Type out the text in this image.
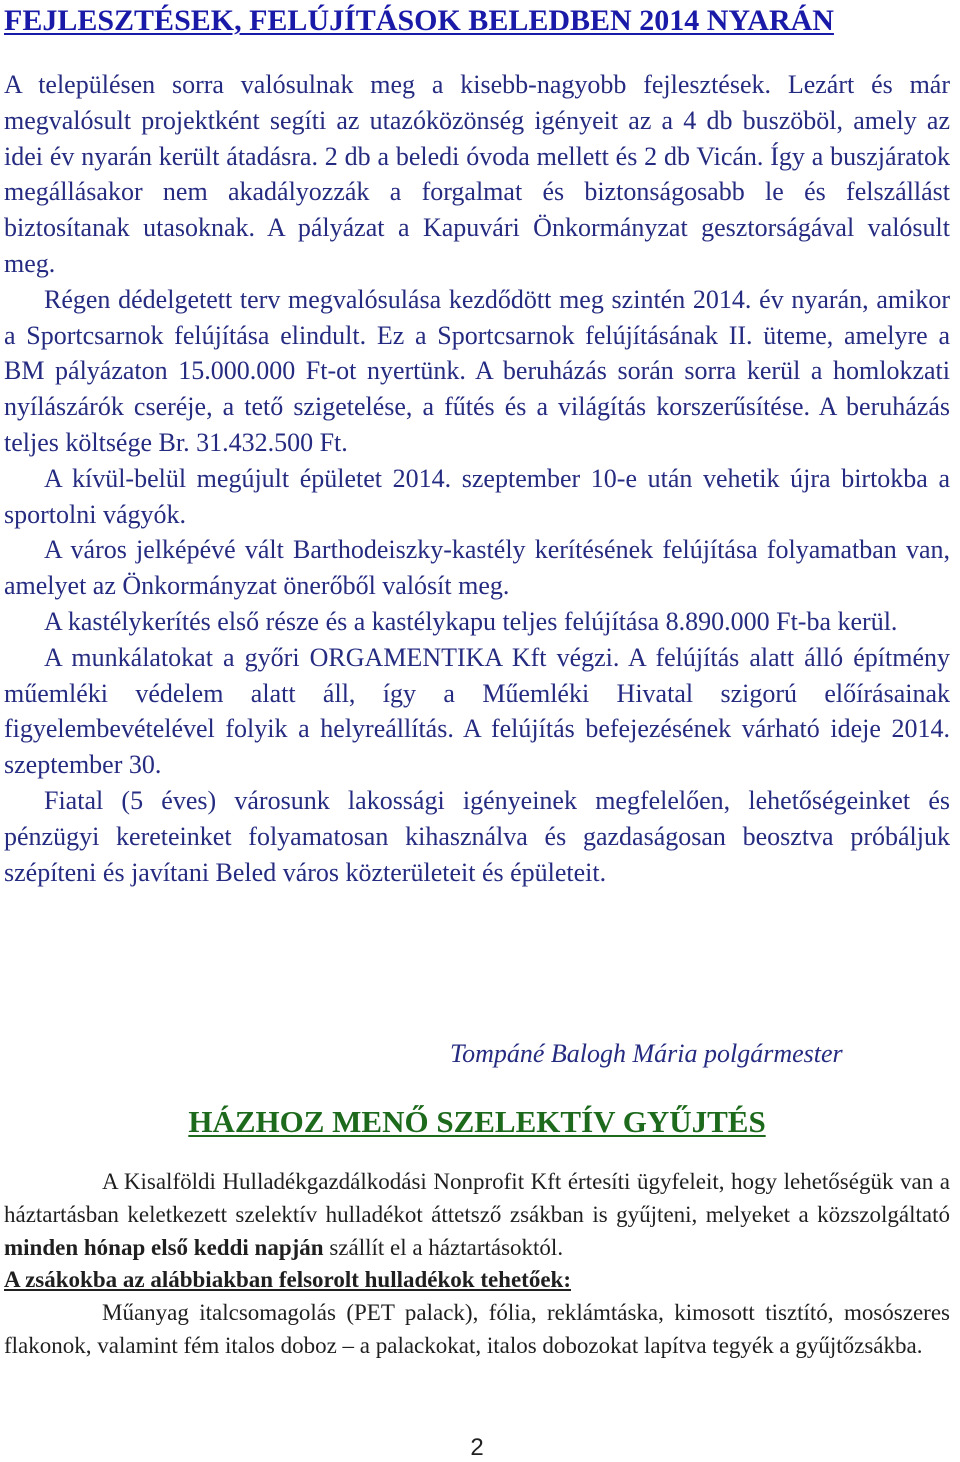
FEJLESZTÉSEK, FELÚJÍTÁSOK BELEDBEN 2014 NYARÁN

A településen sorra valósulnak meg a kisebb-nagyobb fejlesztések. Lezárt és már megvalósult projektként segíti az utazóközönség igényeit az a 4 db buszöböl, amely az idei év nyarán került átadásra. 2 db a beledi óvoda mellett és 2 db Vicán. Így a buszjáratok megállásakor nem akadályozzák a forgalmat és biztonságosabb le és felszállást biztosítanak utasoknak. A pályázat a Kapuvári Önkormányzat gesztorságával valósult meg.

Régen dédelgetett terv megvalósulása kezdődött meg szintén 2014. év nyarán, amikor a Sportcsarnok felújítása elindult. Ez a Sportcsarnok felújításának II. üteme, amelyre a BM pályázaton 15.000.000 Ft-ot nyertünk. A beruházás során sorra kerül a homlokzati nyílászárók cseréje, a tető szigetelése, a fűtés és a világítás korszerűsítése. A beruházás teljes költsége Br. 31.432.500 Ft.

A kívül-belül megújult épületet 2014. szeptember 10-e után vehetik újra birtokba a sportolni vágyók.

A város jelképévé vált Barthodeiszky-kastély kerítésének felújítása folyamatban van, amelyet az Önkormányzat önerőből valósít meg.

A kastélykerítés első része és a kastélykapu teljes felújítása 8.890.000 Ft-ba kerül.

A munkálatokat a győri ORGAMENTIKA Kft végzi. A felújítás alatt álló építmény műemléki védelem alatt áll, így a Műemléki Hivatal szigorú előírásainak figyelembevételével folyik a helyreállítás. A felújítás befejezésének várható ideje 2014. szeptember 30.

Fiatal (5 éves) városunk lakossági igényeinek megfelelően, lehetőségeinket és pénzügyi kereteinket folyamatosan kihasználva és gazdaságosan beosztva próbáljuk szépíteni és javítani Beled város közterületeit és épületeit.

Tompáné Balogh Mária polgármester
HÁZHOZ MENŐ SZELEKTÍV GYŰJTÉS

A Kisalföldi Hulladékgazdálkodási Nonprofit Kft értesíti ügyfeleit, hogy lehetőségük van a háztartásban keletkezett szelektív hulladékot áttetsző zsákban is gyűjteni, melyeket a közszolgáltató minden hónap első keddi napján szállít el a háztartásoktól.

A zsákokba az alábbiakban felsorolt hulladékok tehetőek:

Műanyag italcsomagolás (PET palack), fólia, reklámtáska, kimosott tisztító, mosószeres flakonok, valamint fém italos doboz – a palackokat, italos dobozokat lapítva tegyék a gyűjtőzsákba.

2
